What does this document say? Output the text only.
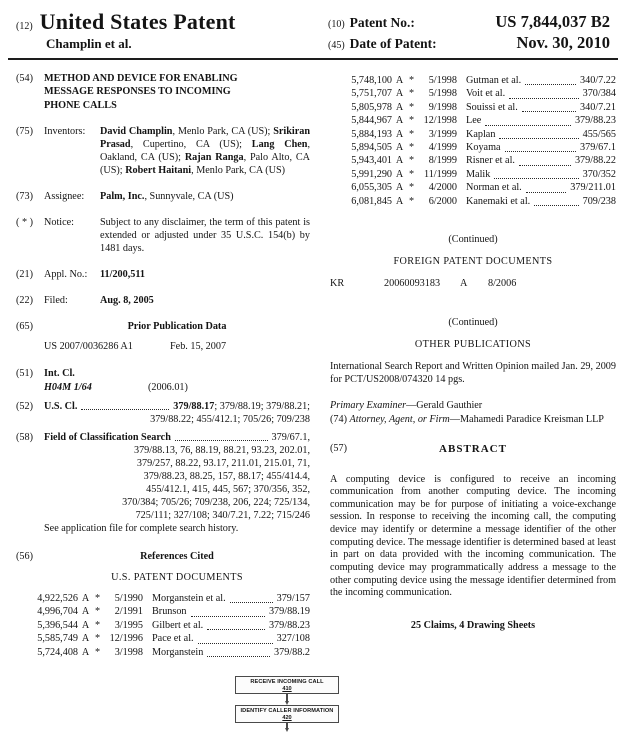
(12) United States Patent
Champlin et al.
(10) Patent No.:	US 7,844,037 B2
(45) Date of Patent:	Nov. 30, 2010
(54)	METHOD AND DEVICE FOR ENABLING MESSAGE RESPONSES TO INCOMING PHONE CALLS
(75)	Inventors:	David Champlin, Menlo Park, CA (US); Srikiran Prasad, Cupertino, CA (US); Lang Chen, Oakland, CA (US); Rajan Ranga, Palo Alto, CA (US); Robert Haitani, Menlo Park, CA (US)
(73)	Assignee:	Palm, Inc., Sunnyvale, CA (US)
( * )	Notice:	Subject to any disclaimer, the term of this patent is extended or adjusted under 35 U.S.C. 154(b) by 1481 days.
(21)	Appl. No.:	11/200,511
(22)	Filed:	Aug. 8, 2005
(65)	Prior Publication Data
US 2007/0036286 A1	Feb. 15, 2007
(51)	Int. Cl.
H04M 1/64	(2006.01)
(52)	U.S. Cl.	379/88.17; 379/88.19; 379/88.21;
379/88.22; 455/412.1; 705/26; 709/238
(58)	Field of Classification Search	379/67.1,
379/88.13, 76, 88.19, 88.21, 93.23, 202.01,
379/257, 88.22, 93.17, 211.01, 215.01, 71,
379/88.23, 88.25, 157, 88.17; 455/414.4,
455/412.1, 415, 445, 567; 370/356, 352,
370/384; 705/26; 709/238, 206, 224; 725/134,
725/111; 327/108; 340/7.21, 7.22; 715/246
See application file for complete search history.
(56)	References Cited
U.S. PATENT DOCUMENTS
4,922,526 A *	5/1990 Morganstein et al.	379/157
4,996,704 A *	2/1991 Brunson	379/88.19
5,396,544 A *	3/1995 Gilbert et al.	379/88.23
5,585,749 A * 12/1996 Pace et al.	327/108
5,724,408 A *	3/1998 Morganstein	379/88.2
5,748,100 A *	5/1998 Gutman et al.	340/7.22
5,751,707 A *	5/1998 Voit et al.	370/384
5,805,978 A *	9/1998 Souissi et al.	340/7.21
5,844,967 A * 12/1998 Lee	379/88.23
5,884,193 A *	3/1999 Kaplan	455/565
5,894,505 A *	4/1999 Koyama	379/67.1
5,943,401 A *	8/1999 Risner et al.	379/88.22
5,991,290 A * 11/1999 Malik	370/352
6,055,305 A *	4/2000 Norman et al.	379/211.01
6,081,845 A *	6/2000 Kanemaki et al.	709/238
(Continued)
FOREIGN PATENT DOCUMENTS
KR	20060093183	A	8/2006
(Continued)
OTHER PUBLICATIONS
International Search Report and Written Opinion mailed Jan. 29, 2009 for PCT/US2008/074320 14 pgs.
Primary Examiner—Gerald Gauthier
(74) Attorney, Agent, or Firm—Mahamedi Paradice Kreisman LLP
(57)	ABSTRACT
A computing device is configured to receive an incoming communication from another computing device. The incoming communication may be for purpose of initiating a voice-exchange session. In response to receiving the incoming call, the computing device may identify or determine a message identifier of the other computing device. The message identifier is determined based at least in part on data provided with the incoming communication. The computing device may programmatically address a message to the other computing device using the message identifier determined from the incoming communication.
25 Claims, 4 Drawing Sheets
RECEIVE INCOMING CALL
410
IDENTIFY CALLER INFORMATION
420
